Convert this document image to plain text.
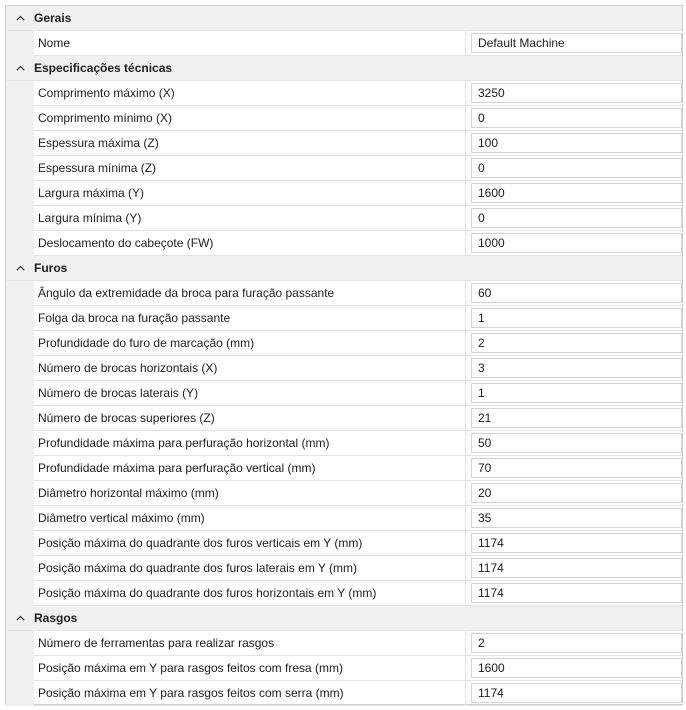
Gerais
Nome
Default Machine
Especificações técnicas
Comprimento máximo (X)
3250
Comprimento mínimo (X)
0
Espessura máxima (Z)
100
Espessura mínima (Z)
0
Largura máxima (Y)
1600
Largura mínima (Y)
0
Deslocamento do cabeçote (FW)
1000
Furos
Ângulo da extremidade da broca para furação passante
60
Folga da broca na furação passante
1
Profundidade do furo de marcação (mm)
2
Número de brocas horizontais (X)
3
Número de brocas laterais (Y)
1
Número de brocas superiores (Z)
21
Profundidade máxima para perfuração horizontal (mm)
50
Profundidade máxima para perfuração vertical (mm)
70
Diâmetro horizontal máximo (mm)
20
Diâmetro vertical máximo (mm)
35
Posição máxima do quadrante dos furos verticais em Y (mm)
1174
Posição máxima do quadrante dos furos laterais em Y (mm)
1174
Posição máxima do quadrante dos furos horizontais em Y (mm)
1174
Rasgos
Número de ferramentas para realizar rasgos
2
Posição máxima em Y para rasgos feitos com fresa (mm)
1600
Posição máxima em Y para rasgos feitos com serra (mm)
1174
